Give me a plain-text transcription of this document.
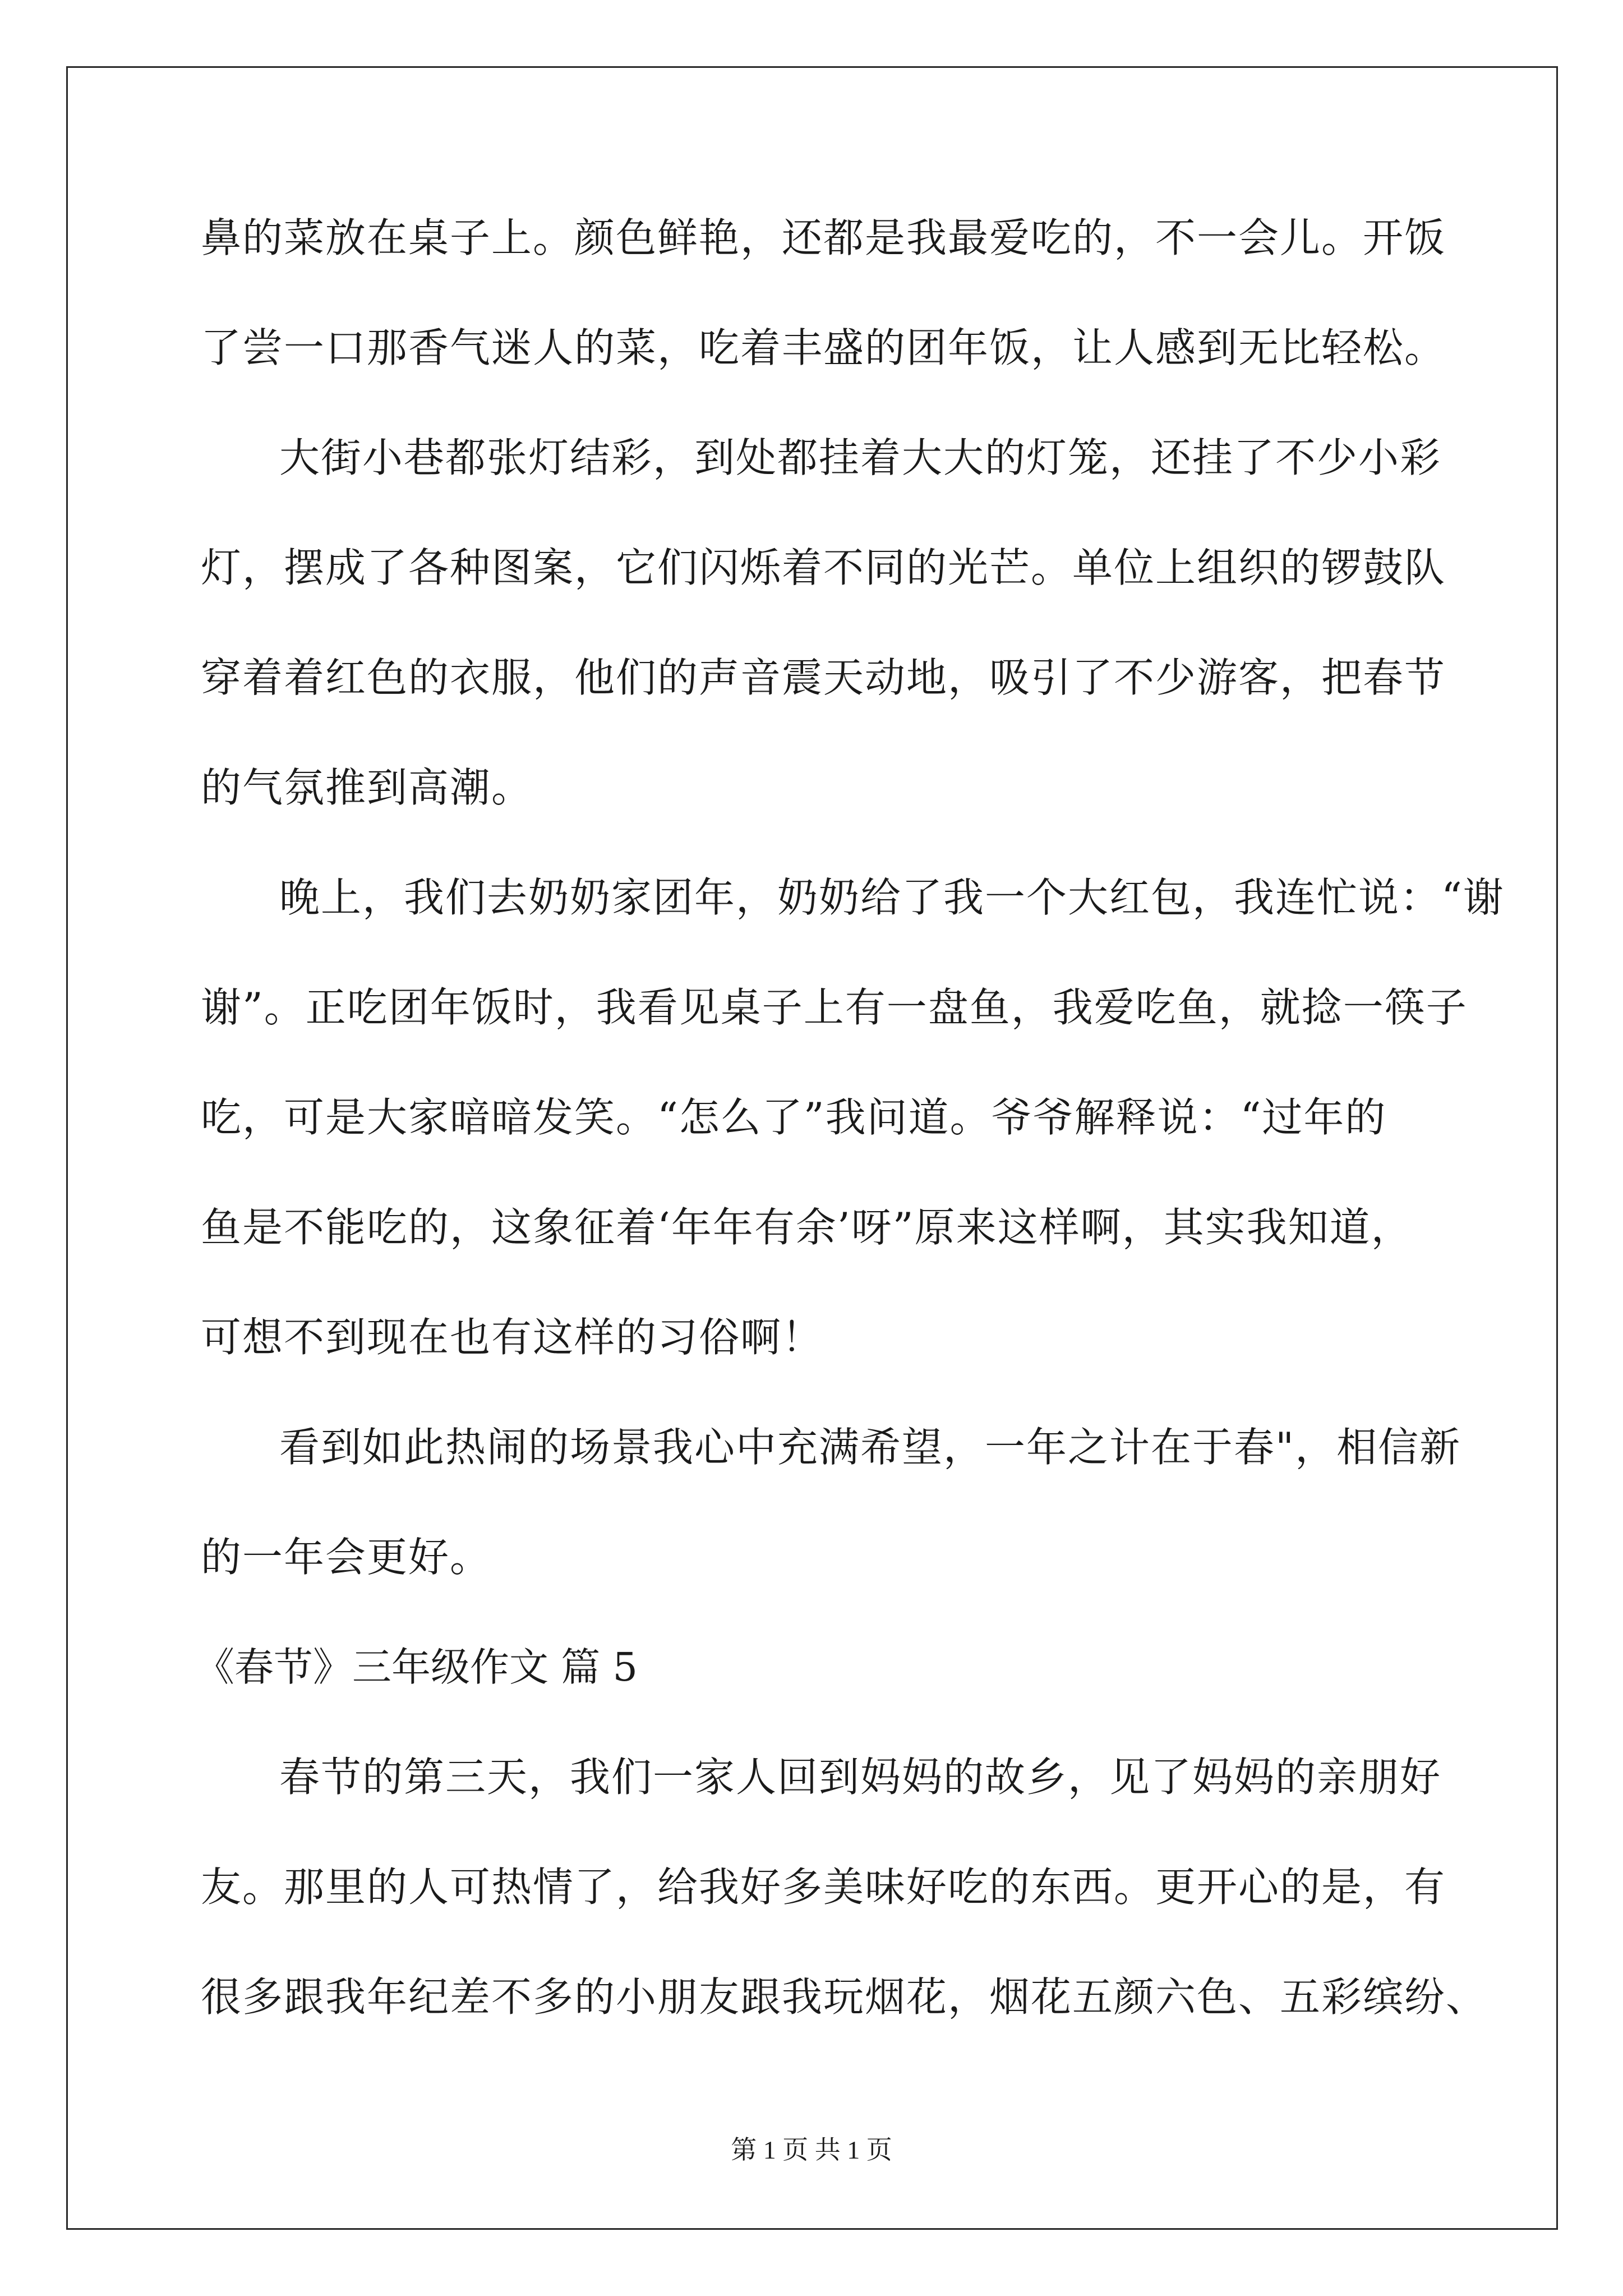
鼻的菜放在桌子上。颜色鲜艳，还都是我最爱吃的，不一会儿。开饭
了尝一口那香气迷人的菜，吃着丰盛的团年饭，让人感到无比轻松。
大街小巷都张灯结彩，到处都挂着大大的灯笼，还挂了不少小彩
灯，摆成了各种图案，它们闪烁着不同的光芒。单位上组织的锣鼓队
穿着着红色的衣服，他们的声音震天动地，吸引了不少游客，把春节
的气氛推到高潮。
晚上，我们去奶奶家团年，奶奶给了我一个大红包，我连忙说：“谢
谢”。正吃团年饭时，我看见桌子上有一盘鱼，我爱吃鱼，就捻一筷子
吃，可是大家暗暗发笑。“怎么了”我问道。爷爷解释说：“过年的
鱼是不能吃的，这象征着‘年年有余’呀”原来这样啊，其实我知道，
可想不到现在也有这样的习俗啊！
看到如此热闹的场景我心中充满希望，一年之计在于春"，相信新
的一年会更好。
《春节》三年级作文 篇 5
春节的第三天，我们一家人回到妈妈的故乡，见了妈妈的亲朋好
友。那里的人可热情了，给我好多美味好吃的东西。更开心的是，有
很多跟我年纪差不多的小朋友跟我玩烟花，烟花五颜六色、五彩缤纷、
第 1 页 共 1 页
